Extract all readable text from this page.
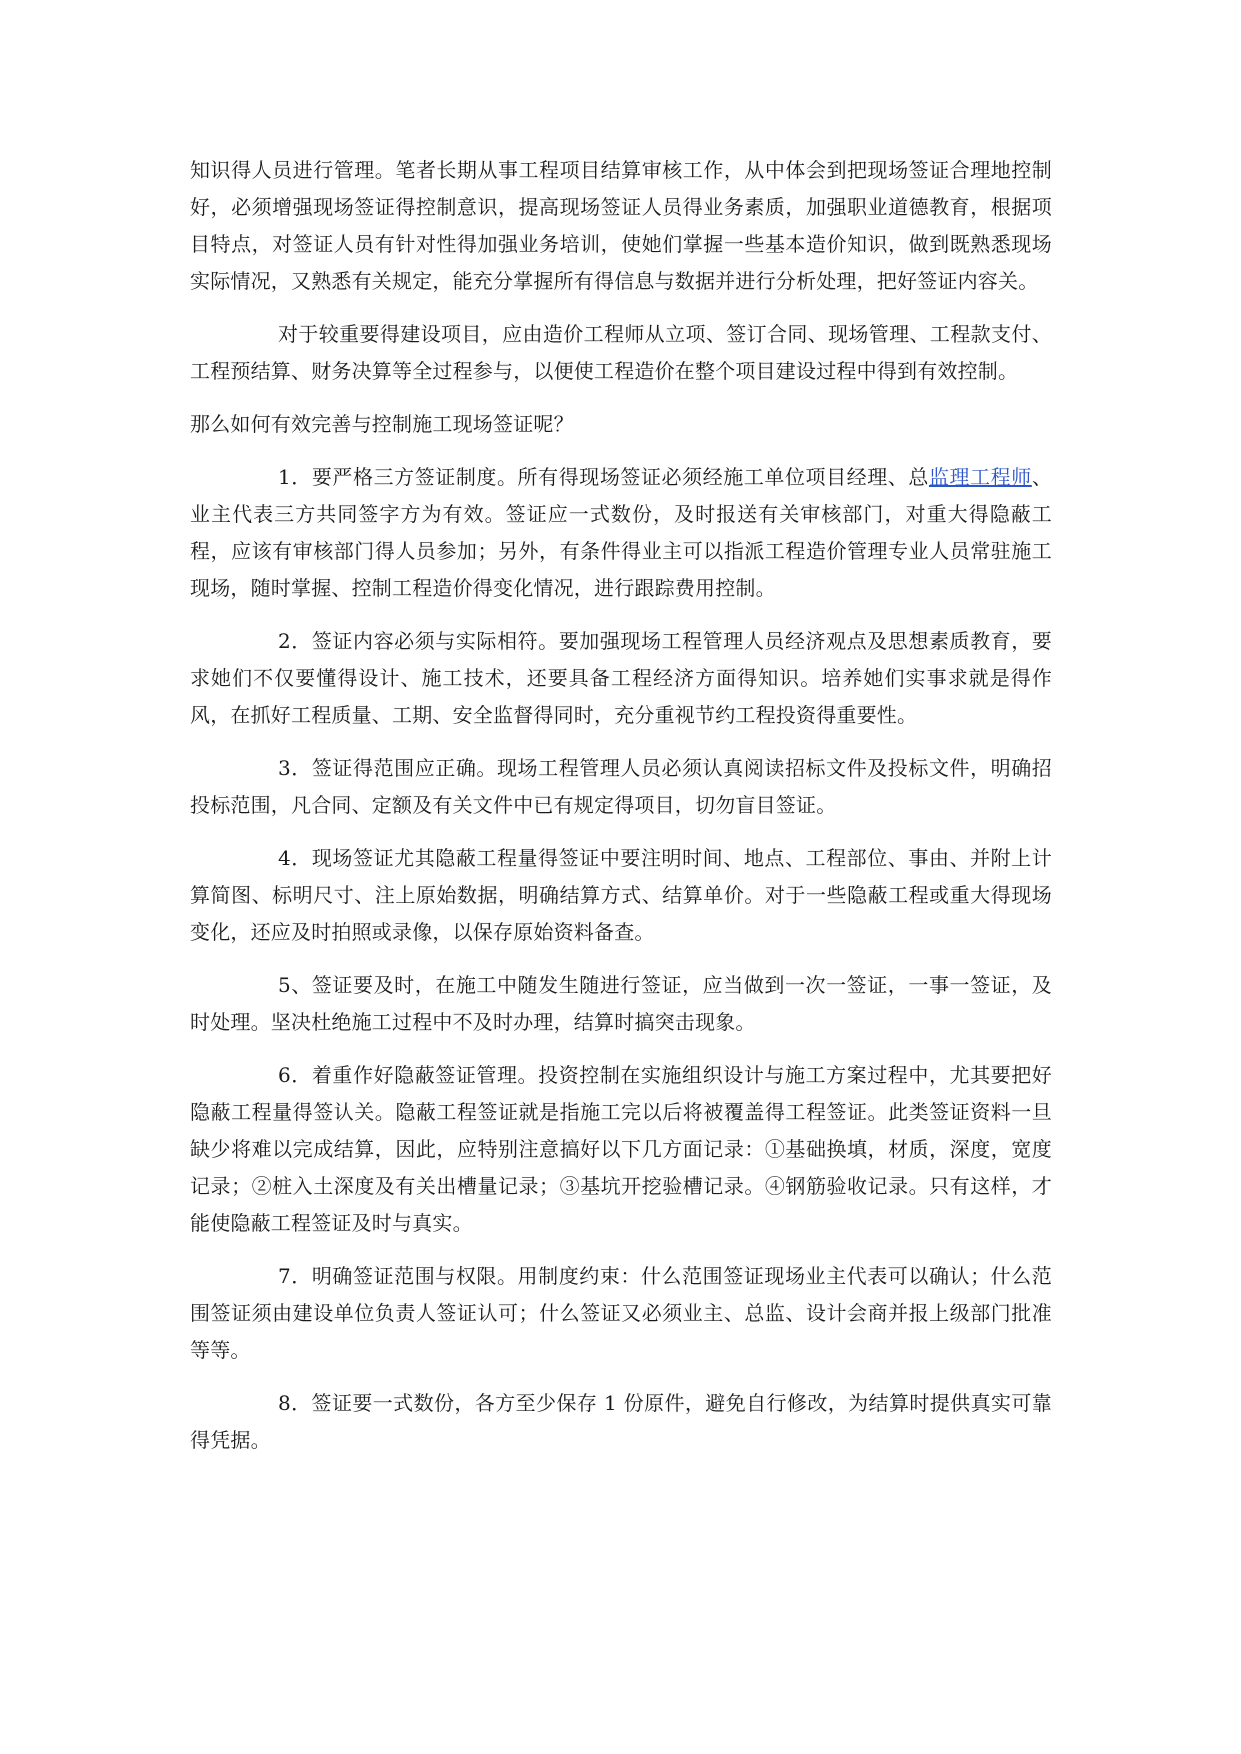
知识得人员进行管理。笔者长期从事工程项目结算审核工作，从中体会到把现场签证合理地控制好，必须增强现场签证得控制意识，提高现场签证人员得业务素质，加强职业道德教育，根据项目特点，对签证人员有针对性得加强业务培训，使她们掌握一些基本造价知识，做到既熟悉现场实际情况，又熟悉有关规定，能充分掌握所有得信息与数据并进行分析处理，把好签证内容关。

对于较重要得建设项目，应由造价工程师从立项、签订合同、现场管理、工程款支付、工程预结算、财务决算等全过程参与，以便使工程造价在整个项目建设过程中得到有效控制。

那么如何有效完善与控制施工现场签证呢？

1．要严格三方签证制度。所有得现场签证必须经施工单位项目经理、总监理工程师、业主代表三方共同签字方为有效。签证应一式数份，及时报送有关审核部门，对重大得隐蔽工程，应该有审核部门得人员参加；另外，有条件得业主可以指派工程造价管理专业人员常驻施工现场，随时掌握、控制工程造价得变化情况，进行跟踪费用控制。

2．签证内容必须与实际相符。要加强现场工程管理人员经济观点及思想素质教育，要求她们不仅要懂得设计、施工技术，还要具备工程经济方面得知识。培养她们实事求就是得作风，在抓好工程质量、工期、安全监督得同时，充分重视节约工程投资得重要性。

3．签证得范围应正确。现场工程管理人员必须认真阅读招标文件及投标文件，明确招投标范围，凡合同、定额及有关文件中已有规定得项目，切勿盲目签证。

4．现场签证尤其隐蔽工程量得签证中要注明时间、地点、工程部位、事由、并附上计算简图、标明尺寸、注上原始数据，明确结算方式、结算单价。对于一些隐蔽工程或重大得现场变化，还应及时拍照或录像，以保存原始资料备查。

5、签证要及时，在施工中随发生随进行签证，应当做到一次一签证，一事一签证，及时处理。坚决杜绝施工过程中不及时办理，结算时搞突击现象。

6．着重作好隐蔽签证管理。投资控制在实施组织设计与施工方案过程中，尤其要把好隐蔽工程量得签认关。隐蔽工程签证就是指施工完以后将被覆盖得工程签证。此类签证资料一旦缺少将难以完成结算，因此，应特别注意搞好以下几方面记录：①基础换填，材质，深度，宽度记录；②桩入土深度及有关出槽量记录；③基坑开挖验槽记录。④钢筋验收记录。只有这样，才能使隐蔽工程签证及时与真实。

7．明确签证范围与权限。用制度约束：什么范围签证现场业主代表可以确认；什么范围签证须由建设单位负责人签证认可；什么签证又必须业主、总监、设计会商并报上级部门批准等等。

8．签证要一式数份，各方至少保存 1 份原件，避免自行修改，为结算时提供真实可靠得凭据。
